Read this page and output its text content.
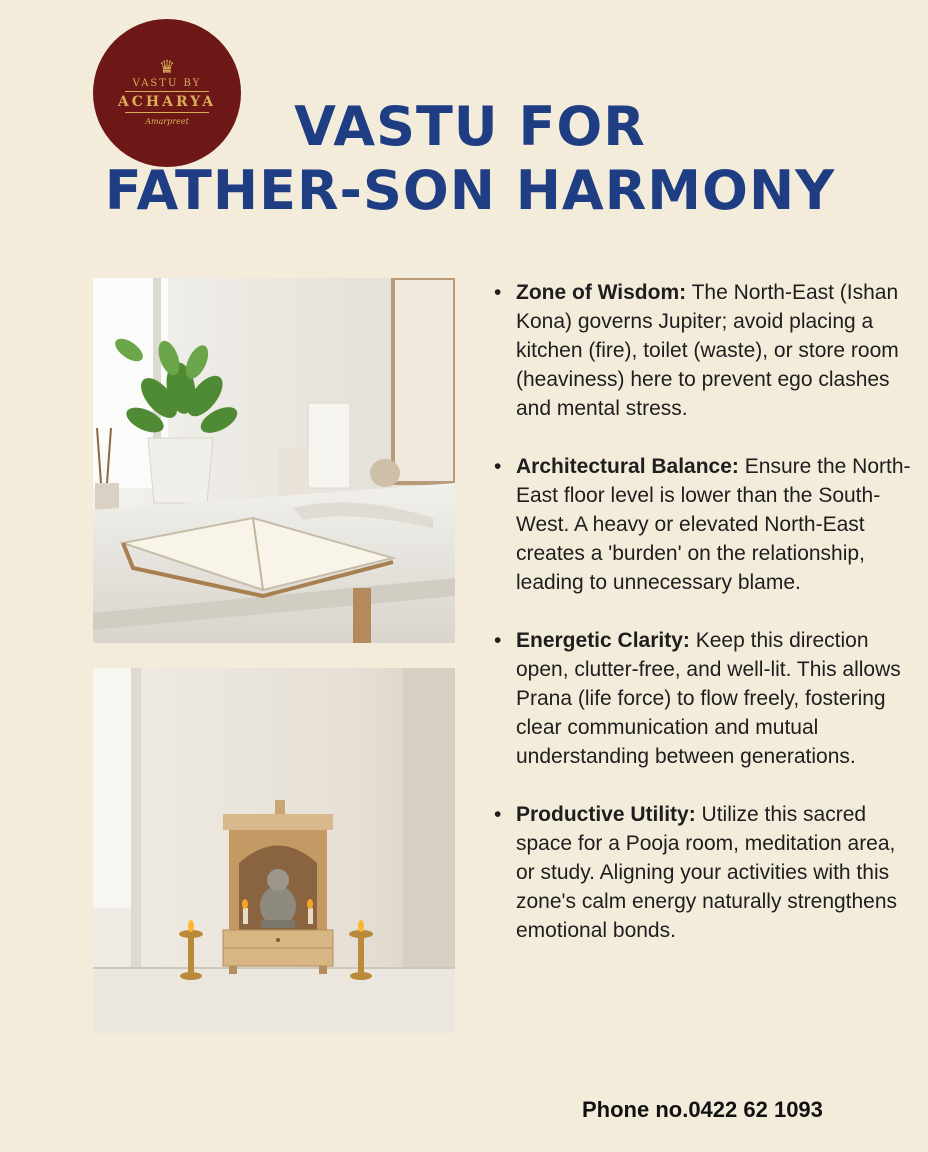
♛
VASTU BY
ACHARYA
Amarpreet	VASTU FOR
FATHER-SON HARMONY
• Zone of Wisdom: The North-East (Ishan Kona) governs Jupiter; avoid placing a kitchen (fire), toilet (waste), or store room (heaviness) here to prevent ego clashes and mental stress.
• Architectural Balance: Ensure the North-East floor level is lower than the South-West. A heavy or elevated North-East creates a 'burden' on the relationship, leading to unnecessary blame.
• Energetic Clarity: Keep this direction open, clutter-free, and well-lit. This allows Prana (life force) to flow freely, fostering clear communication and mutual understanding between generations.
• Productive Utility: Utilize this sacred space for a Pooja room, meditation area, or study. Aligning your activities with this zone's calm energy naturally strengthens emotional bonds.
Phone no.0422 62 1093
